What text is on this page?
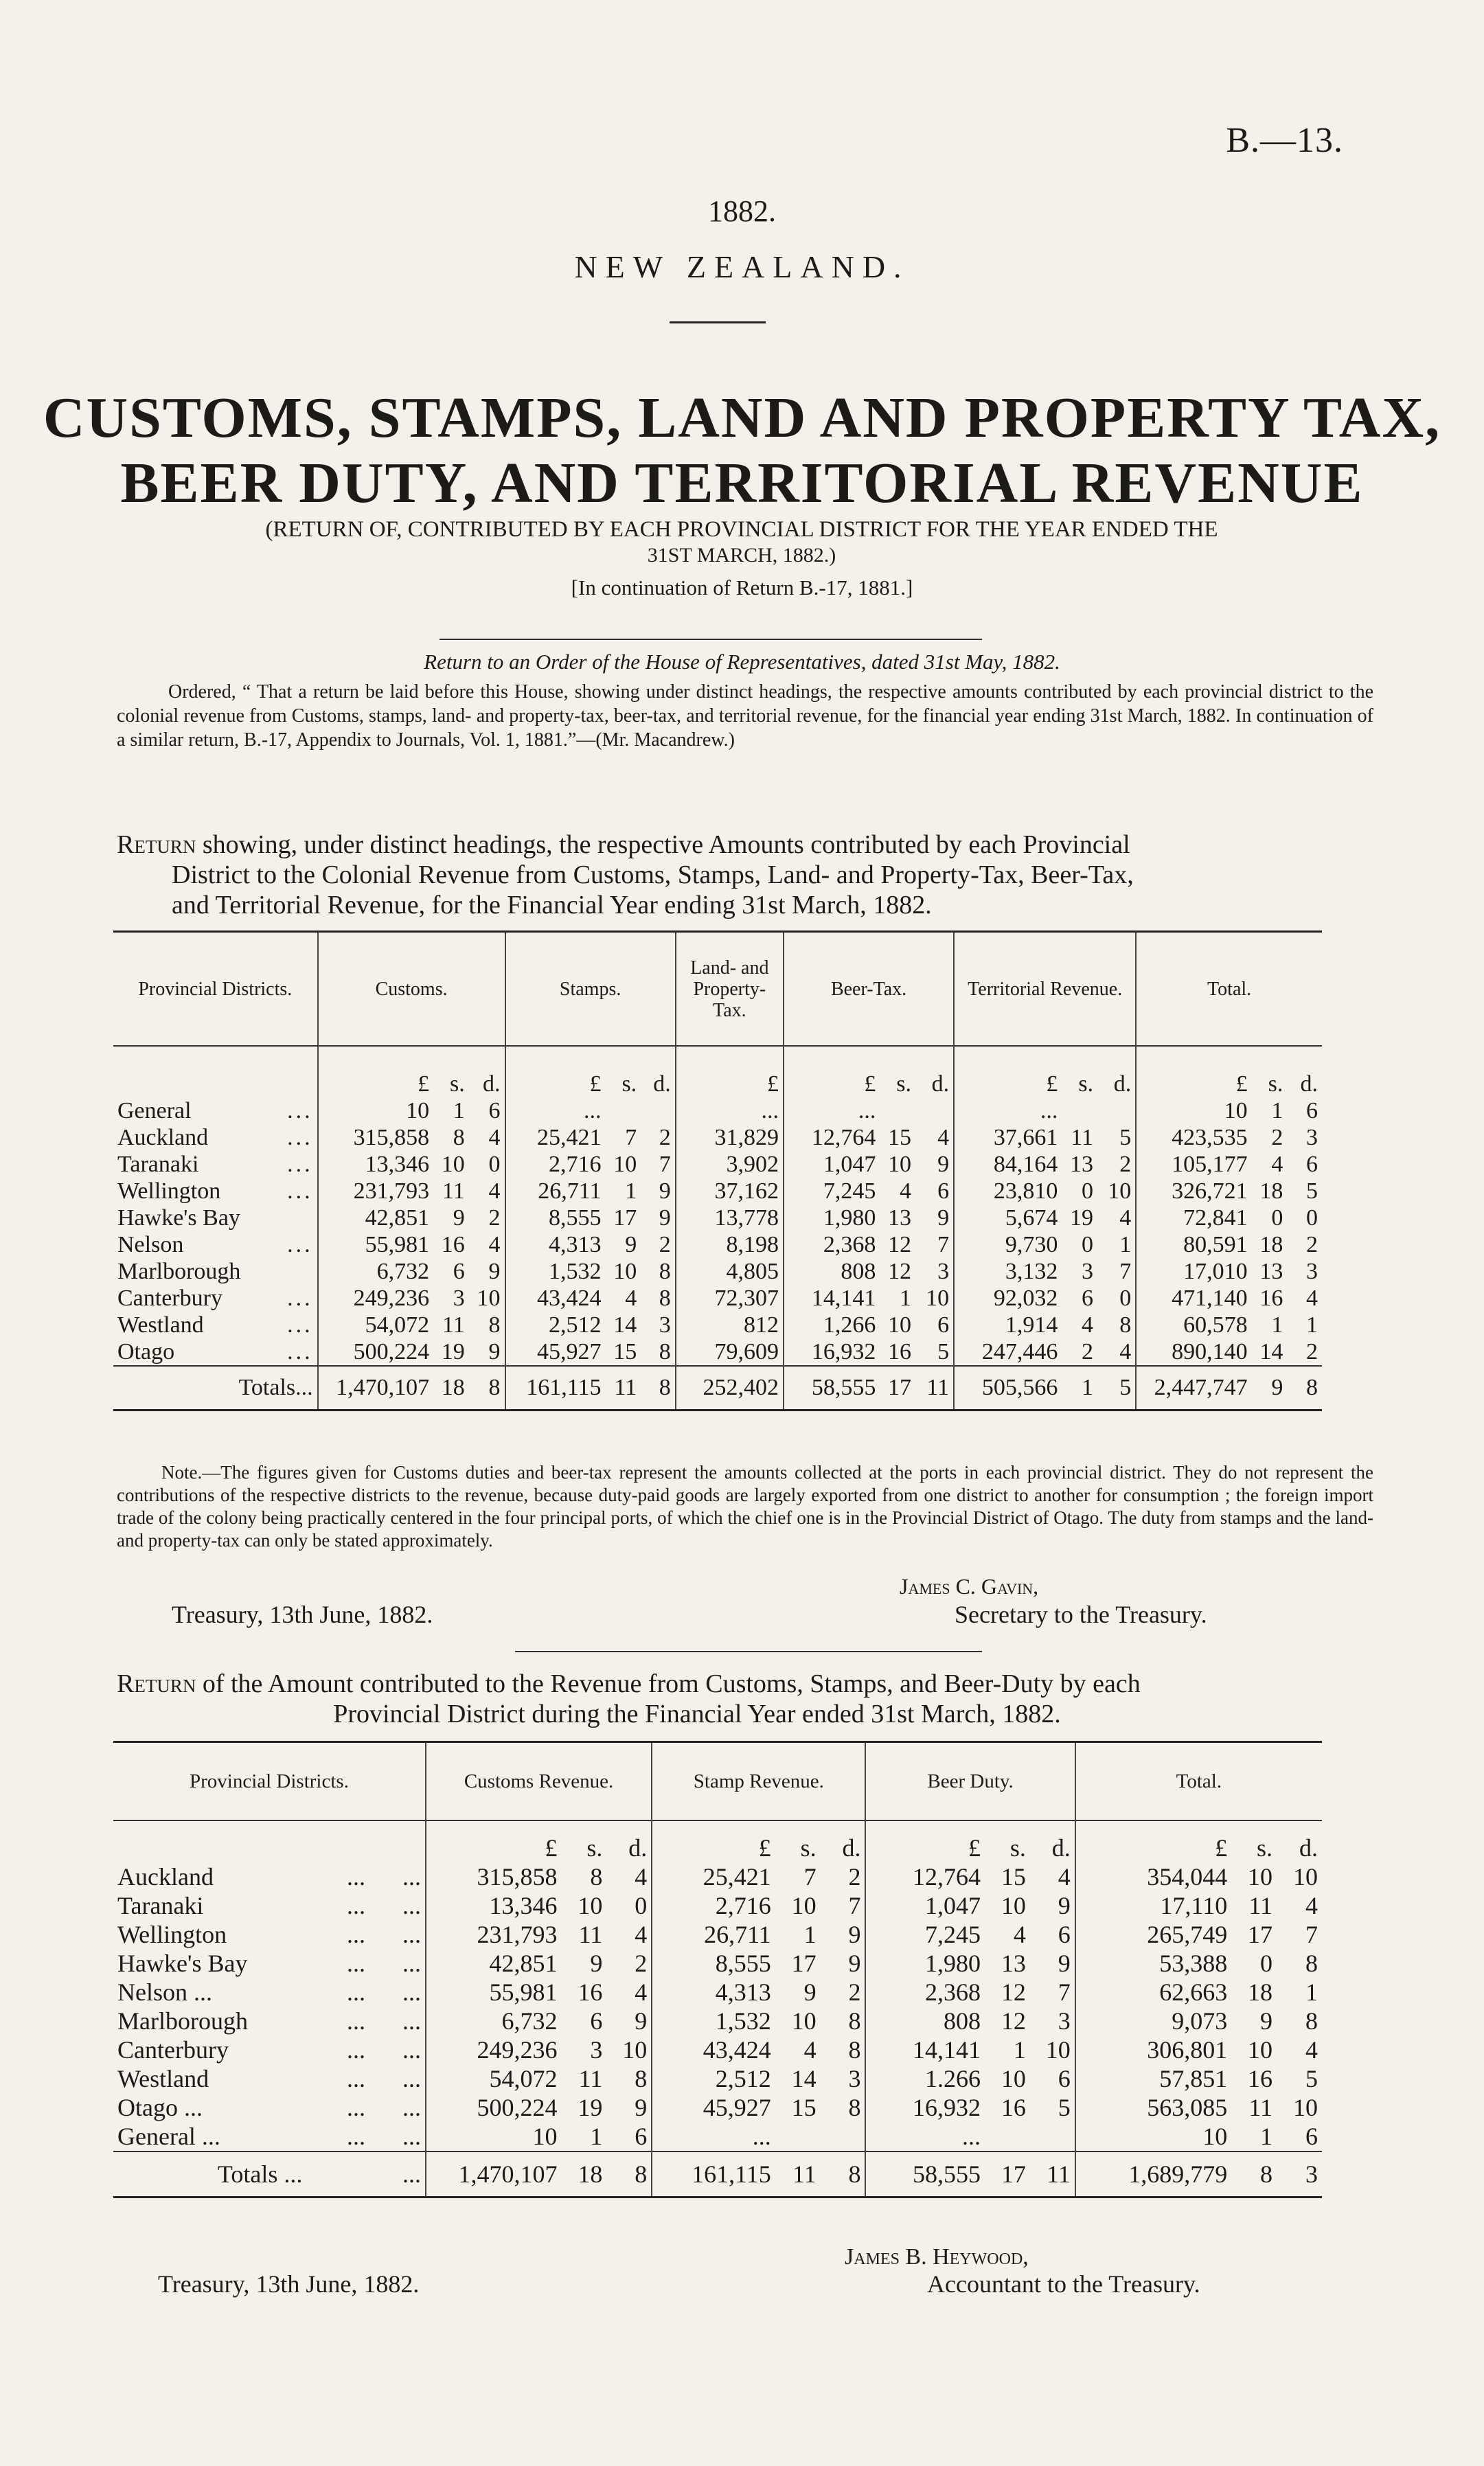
B.—13.
1882.
NEW ZEALAND.
CUSTOMS, STAMPS, LAND AND PROPERTY TAX,
BEER DUTY, AND TERRITORIAL REVENUE
(RETURN OF, CONTRIBUTED BY EACH PROVINCIAL DISTRICT FOR THE YEAR ENDED THE
31ST MARCH, 1882.)
[In continuation of Return B.-17, 1881.]
Return to an Order of the House of Representatives, dated 31st May, 1882.
Ordered, “ That a return be laid before this House, showing under distinct headings, the respective amounts contributed by each provincial district to the colonial revenue from Customs, stamps, land- and property-tax, beer-tax, and territorial revenue, for the financial year ending 31st March, 1882. In continuation of a similar return, B.-17, Appendix to Journals, Vol. 1, 1881.”—(Mr. Macandrew.)
Return showing, under distinct headings, the respective Amounts contributed by each Provincial
District to the Colonial Revenue from Customs, Stamps, Land- and Property-Tax, Beer-Tax,
and Territorial Revenue, for the Financial Year ending 31st March, 1882.
Provincial Districts.	Customs.			Stamps.			Land- and Property- Tax.	Beer-Tax.			Territorial Revenue.			Total.		
	£	s.	d.	£	s.	d.	£	£	s.	d.	£	s.	d.	£	s.	d.
General ...	10	1	6	...			...	...			...			10	1	6
Auckland ...	315,858	8	4	25,421	7	2	31,829	12,764	15	4	37,661	11	5	423,535	2	3
Taranaki ...	13,346	10	0	2,716	10	7	3,902	1,047	10	9	84,164	13	2	105,177	4	6
Wellington ...	231,793	11	4	26,711	1	9	37,162	7,245	4	6	23,810	0	10	326,721	18	5
Hawke's Bay	42,851	9	2	8,555	17	9	13,778	1,980	13	9	5,674	19	4	72,841	0	0
Nelson ...	55,981	16	4	4,313	9	2	8,198	2,368	12	7	9,730	0	1	80,591	18	2
Marlborough	6,732	6	9	1,532	10	8	4,805	808	12	3	3,132	3	7	17,010	13	3
Canterbury ...	249,236	3	10	43,424	4	8	72,307	14,141	1	10	92,032	6	0	471,140	16	4
Westland ...	54,072	11	8	2,512	14	3	812	1,266	10	6	1,914	4	8	60,578	1	1
Otago ...	500,224	19	9	45,927	15	8	79,609	16,932	16	5	247,446	2	4	890,140	14	2
Totals...	1,470,107	18	8	161,115	11	8	252,402	58,555	17	11	505,566	1	5	2,447,747	9	8
Note.—The figures given for Customs duties and beer-tax represent the amounts collected at the ports in each provincial district. They do not represent the contributions of the respective districts to the revenue, because duty-paid goods are largely exported from one district to another for consumption ; the foreign import trade of the colony being practically centered in the four principal ports, of which the chief one is in the Provincial District of Otago. The duty from stamps and the land- and property-tax can only be stated approximately.
James C. Gavin,
Treasury, 13th June, 1882.	Secretary to the Treasury.
Return of the Amount contributed to the Revenue from Customs, Stamps, and Beer-Duty by each
Provincial District during the Financial Year ended 31st March, 1882.
Provincial Districts.		Customs Revenue.			Stamp Revenue.			Beer Duty.			Total.		
		£	s.	d.	£	s.	d.	£	s.	d.	£	s.	d.
Auckland	...      ...	315,858	8	4	25,421	7	2	12,764	15	4	354,044	10	10
Taranaki	...      ...	13,346	10	0	2,716	10	7	1,047	10	9	17,110	11	4
Wellington	...      ...	231,793	11	4	26,711	1	9	7,245	4	6	265,749	17	7
Hawke's Bay	...      ...	42,851	9	2	8,555	17	9	1,980	13	9	53,388	0	8
Nelson ...	...      ...	55,981	16	4	4,313	9	2	2,368	12	7	62,663	18	1
Marlborough	...      ...	6,732	6	9	1,532	10	8	808	12	3	9,073	9	8
Canterbury	...      ...	249,236	3	10	43,424	4	8	14,141	1	10	306,801	10	4
Westland	...      ...	54,072	11	8	2,512	14	3	1.266	10	6	57,851	16	5
Otago ...	...      ...	500,224	19	9	45,927	15	8	16,932	16	5	563,085	11	10
General ...	...      ...	10	1	6	...			...			10	1	6
Totals ...	...	1,470,107	18	8	161,115	11	8	58,555	17	11	1,689,779	8	3
James B. Heywood,
Treasury, 13th June, 1882.	Accountant to the Treasury.
